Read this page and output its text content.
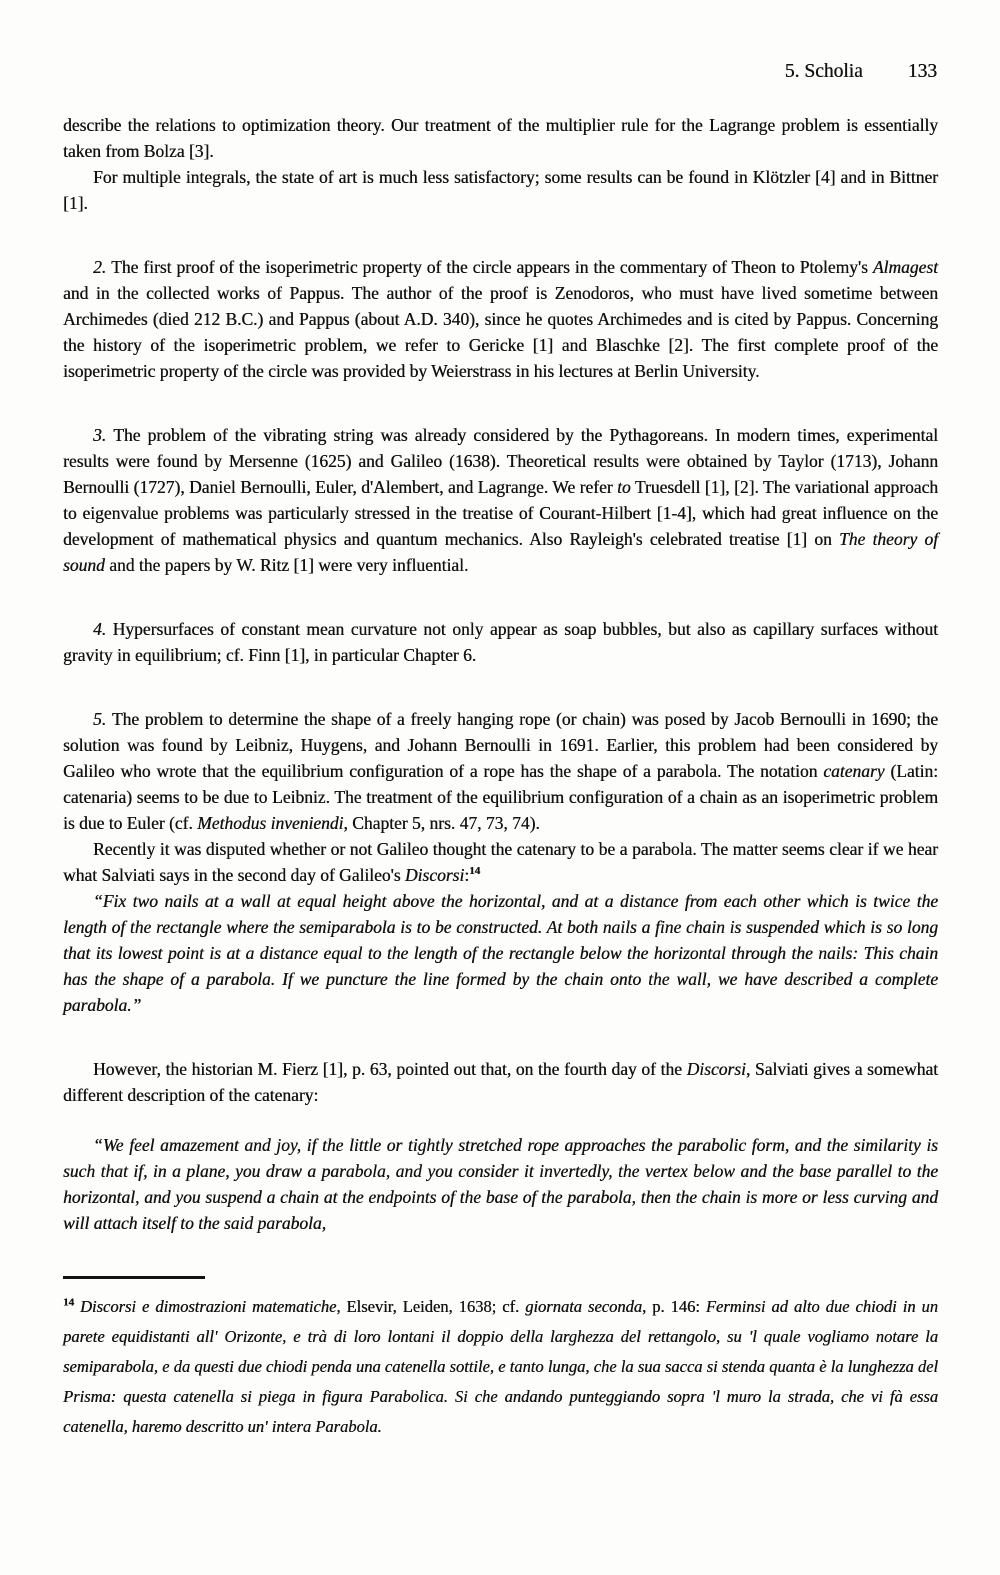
5. Scholia 133

describe the relations to optimization theory. Our treatment of the multiplier rule for the Lagrange problem is essentially taken from Bolza [3].

For multiple integrals, the state of art is much less satisfactory; some results can be found in Klötzler [4] and in Bittner [1].

2. The first proof of the isoperimetric property of the circle appears in the commentary of Theon to Ptolemy's Almagest and in the collected works of Pappus. The author of the proof is Zenodoros, who must have lived sometime between Archimedes (died 212 B.C.) and Pappus (about A.D. 340), since he quotes Archimedes and is cited by Pappus. Concerning the history of the isoperimetric problem, we refer to Gericke [1] and Blaschke [2]. The first complete proof of the isoperimetric property of the circle was provided by Weierstrass in his lectures at Berlin University.

3. The problem of the vibrating string was already considered by the Pythagoreans. In modern times, experimental results were found by Mersenne (1625) and Galileo (1638). Theoretical results were obtained by Taylor (1713), Johann Bernoulli (1727), Daniel Bernoulli, Euler, d'Alembert, and Lagrange. We refer to Truesdell [1], [2]. The variational approach to eigenvalue problems was particularly stressed in the treatise of Courant-Hilbert [1-4], which had great influence on the development of mathematical physics and quantum mechanics. Also Rayleigh's celebrated treatise [1] on The theory of sound and the papers by W. Ritz [1] were very influential.

4. Hypersurfaces of constant mean curvature not only appear as soap bubbles, but also as capillary surfaces without gravity in equilibrium; cf. Finn [1], in particular Chapter 6.

5. The problem to determine the shape of a freely hanging rope (or chain) was posed by Jacob Bernoulli in 1690; the solution was found by Leibniz, Huygens, and Johann Bernoulli in 1691. Earlier, this problem had been considered by Galileo who wrote that the equilibrium configuration of a rope has the shape of a parabola. The notation catenary (Latin: catenaria) seems to be due to Leibniz. The treatment of the equilibrium configuration of a chain as an isoperimetric problem is due to Euler (cf. Methodus inveniendi, Chapter 5, nrs. 47, 73, 74).

Recently it was disputed whether or not Galileo thought the catenary to be a parabola. The matter seems clear if we hear what Salviati says in the second day of Galileo's Discorsi:$^{14}$

“Fix two nails at a wall at equal height above the horizontal, and at a distance from each other which is twice the length of the rectangle where the semiparabola is to be constructed. At both nails a fine chain is suspended which is so long that its lowest point is at a distance equal to the length of the rectangle below the horizontal through the nails: This chain has the shape of a parabola. If we puncture the line formed by the chain onto the wall, we have described a complete parabola.”

However, the historian M. Fierz [1], p. 63, pointed out that, on the fourth day of the Discorsi, Salviati gives a somewhat different description of the catenary:

“We feel amazement and joy, if the little or tightly stretched rope approaches the parabolic form, and the similarity is such that if, in a plane, you draw a parabola, and you consider it invertedly, the vertex below and the base parallel to the horizontal, and you suspend a chain at the endpoints of the base of the parabola, then the chain is more or less curving and will attach itself to the said parabola,

$^{14}$ Discorsi e dimostrazioni matematiche, Elsevir, Leiden, 1638; cf. giornata seconda, p. 146: Ferminsi ad alto due chiodi in un parete equidistanti all' Orizonte, e trà di loro lontani il doppio della larghezza del rettangolo, su 'l quale vogliamo notare la semiparabola, e da questi due chiodi penda una catenella sottile, e tanto lunga, che la sua sacca si stenda quanta è la lunghezza del Prisma: questa catenella si piega in figura Parabolica. Si che andando punteggiando sopra 'l muro la strada, che vi fà essa catenella, haremo descritto un' intera Parabola.
